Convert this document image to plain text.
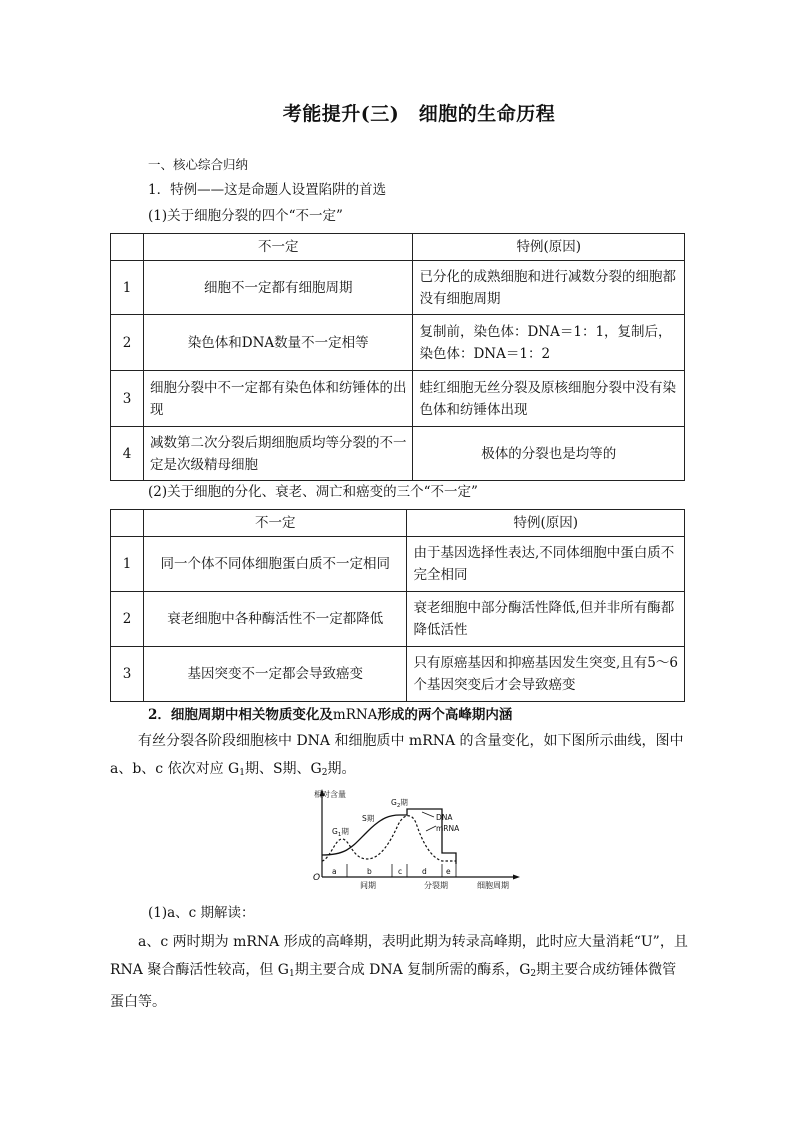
考能提升(三)　细胞的生命历程
一、核心综合归纳
1．特例——这是命题人设置陷阱的首选
(1)关于细胞分裂的四个“不一定”
	不一定	特例(原因)
1	细胞不一定都有细胞周期	已分化的成熟细胞和进行减数分裂的细胞都没有细胞周期
2	染色体和DNA数量不一定相等	复制前，染色体：DNA＝1：1，复制后，染色体：DNA＝1：2
3	细胞分裂中不一定都有染色体和纺锤体的出现	蛙红细胞无丝分裂及原核细胞分裂中没有染色体和纺锤体出现
4	减数第二次分裂后期细胞质均等分裂的不一定是次级精母细胞	极体的分裂也是均等的
(2)关于细胞的分化、衰老、凋亡和癌变的三个“不一定”
	不一定	特例(原因)
1	同一个体不同体细胞蛋白质不一定相同	由于基因选择性表达,不同体细胞中蛋白质不完全相同
2	衰老细胞中各种酶活性不一定都降低	衰老细胞中部分酶活性降低,但并非所有酶都降低活性
3	基因突变不一定都会导致癌变	只有原癌基因和抑癌基因发生突变,且有5～6个基因突变后才会导致癌变
2．细胞周期中相关物质变化及mRNA形成的两个高峰期内涵
有丝分裂各阶段细胞核中 DNA 和细胞质中 mRNA 的含量变化，如下图所示曲线，图中 a、b、c 依次对应 $G_1$期、S期、$G_2$期。
相对含量
O
a	b	c	d	e
$G_1$期
S期
$G_2$期
DNA
mRNA
间期	分裂期	细胞周期
(1)a、c 期解读：
a、c 两时期为 mRNA 形成的高峰期，表明此期为转录高峰期，此时应大量消耗“U”，且 RNA 聚合酶活性较高，但 $G_1$期主要合成 DNA 复制所需的酶系，$G_2$期主要合成纺锤体微管蛋白等。
